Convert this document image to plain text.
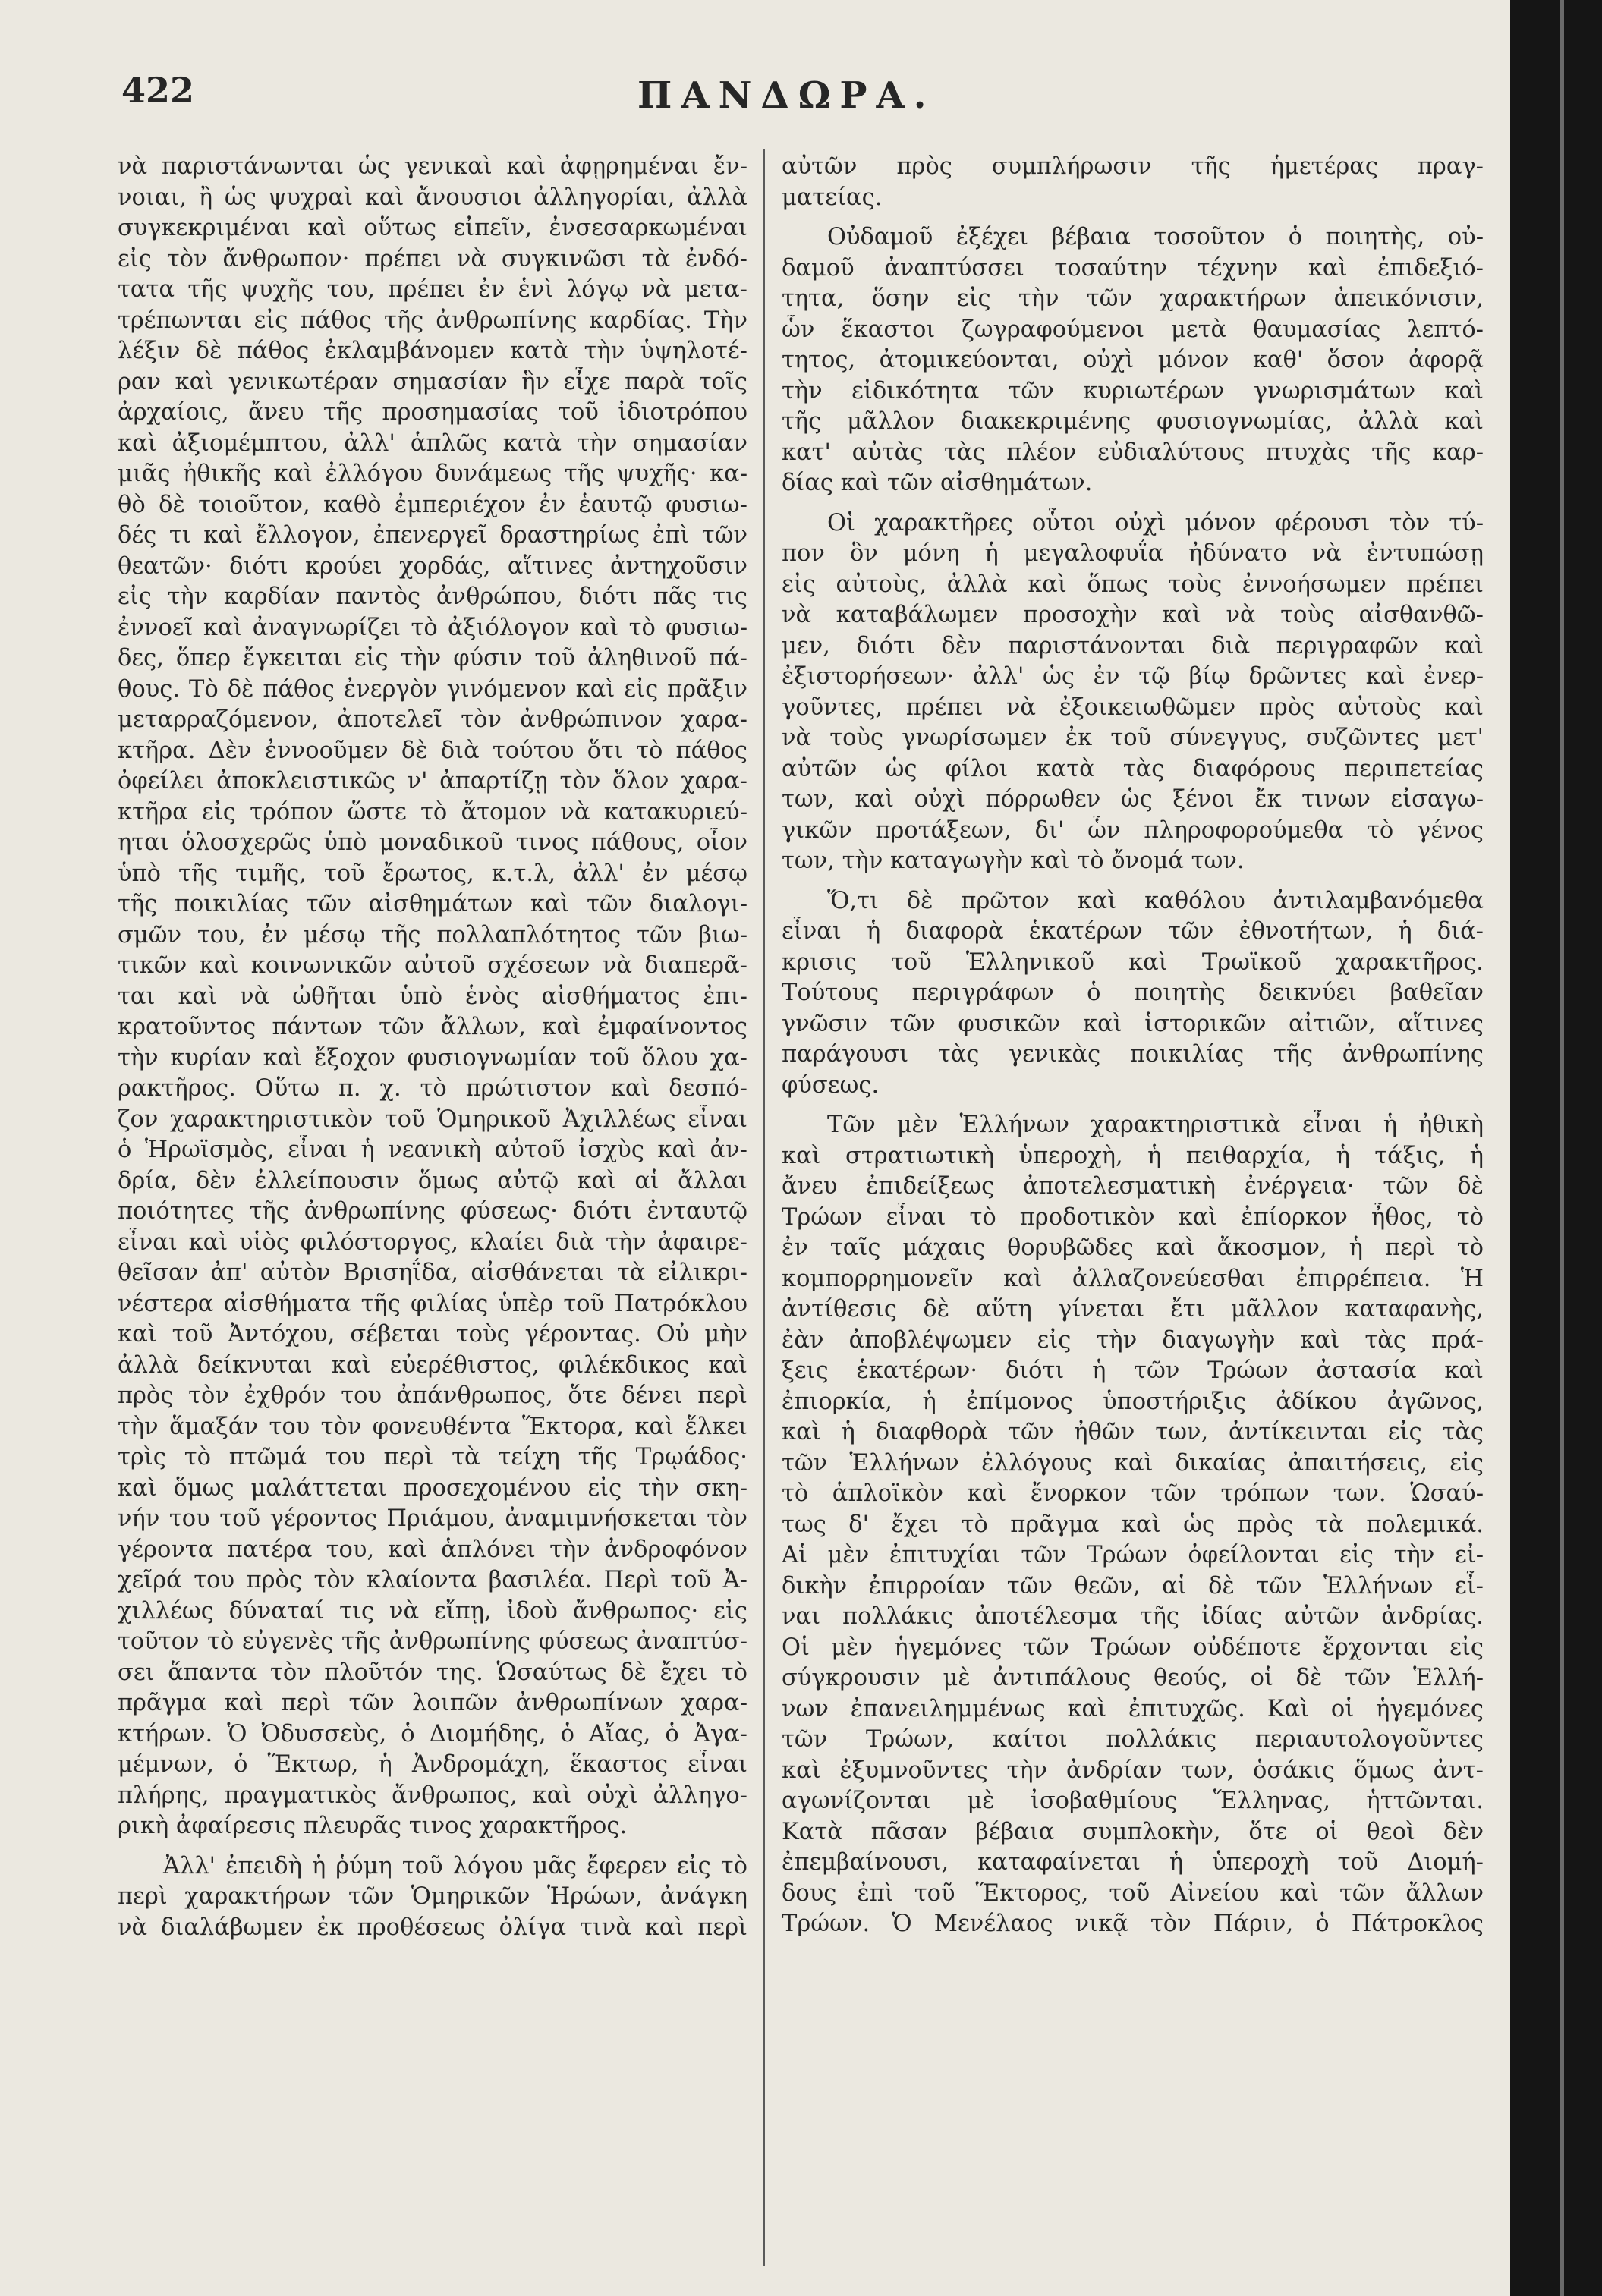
422	ΠΑΝΔΩΡΑ.
νὰ παριστάνωνται ὡς γενικαὶ καὶ ἀφῃρημέναι ἔν-
νοιαι, ἢ ὡς ψυχραὶ καὶ ἄνουσιοι ἀλληγορίαι, ἀλλὰ
συγκεκριμέναι καὶ οὕτως εἰπεῖν, ἐνσεσαρκωμέναι
εἰς τὸν ἄνθρωπον· πρέπει νὰ συγκινῶσι τὰ ἐνδό-
τατα τῆς ψυχῆς του, πρέπει ἐν ἑνὶ λόγῳ νὰ μετα-
τρέπωνται εἰς πάθος τῆς ἀνθρωπίνης καρδίας. Τὴν
λέξιν δὲ πάθος ἐκλαμβάνομεν κατὰ τὴν ὑψηλοτέ-
ραν καὶ γενικωτέραν σημασίαν ἣν εἶχε παρὰ τοῖς
ἀρχαίοις, ἄνευ τῆς προσημασίας τοῦ ἰδιοτρόπου
καὶ ἀξιομέμπτου, ἀλλ' ἁπλῶς κατὰ τὴν σημασίαν
μιᾶς ἠθικῆς καὶ ἐλλόγου δυνάμεως τῆς ψυχῆς· κα-
θὸ δὲ τοιοῦτον, καθὸ ἐμπεριέχον ἐν ἑαυτῷ φυσιω-
δές τι καὶ ἔλλογον, ἐπενεργεῖ δραστηρίως ἐπὶ τῶν
θεατῶν· διότι κρούει χορδάς, αἵτινες ἀντηχοῦσιν
εἰς τὴν καρδίαν παντὸς ἀνθρώπου, διότι πᾶς τις
ἐννοεῖ καὶ ἀναγνωρίζει τὸ ἀξιόλογον καὶ τὸ φυσιω-
δες, ὅπερ ἔγκειται εἰς τὴν φύσιν τοῦ ἀληθινοῦ πά-
θους. Τὸ δὲ πάθος ἐνεργὸν γινόμενον καὶ εἰς πρᾶξιν
μεταρραζόμενον, ἀποτελεῖ τὸν ἀνθρώπινον χαρα-
κτῆρα. Δὲν ἐννοοῦμεν δὲ διὰ τούτου ὅτι τὸ πάθος
ὀφείλει ἀποκλειστικῶς ν' ἀπαρτίζῃ τὸν ὅλον χαρα-
κτῆρα εἰς τρόπον ὥστε τὸ ἄτομον νὰ κατακυριεύ-
ηται ὁλοσχερῶς ὑπὸ μοναδικοῦ τινος πάθους, οἷον
ὑπὸ τῆς τιμῆς, τοῦ ἔρωτος, κ.τ.λ, ἀλλ' ἐν μέσῳ
τῆς ποικιλίας τῶν αἰσθημάτων καὶ τῶν διαλογι-
σμῶν του, ἐν μέσῳ τῆς πολλαπλότητος τῶν βιω-
τικῶν καὶ κοινωνικῶν αὐτοῦ σχέσεων νὰ διαπερᾶ-
ται καὶ νὰ ὠθῆται ὑπὸ ἑνὸς αἰσθήματος ἐπι-
κρατοῦντος πάντων τῶν ἄλλων, καὶ ἐμφαίνοντος
τὴν κυρίαν καὶ ἔξοχον φυσιογνωμίαν τοῦ ὅλου χα-
ρακτῆρος. Οὕτω π. χ. τὸ πρώτιστον καὶ δεσπό-
ζον χαρακτηριστικὸν τοῦ Ὁμηρικοῦ Ἀχιλλέως εἶναι
ὁ Ἡρωϊσμὸς, εἶναι ἡ νεανικὴ αὐτοῦ ἰσχὺς καὶ ἀν-
δρία, δὲν ἐλλείπουσιν ὅμως αὐτῷ καὶ αἱ ἄλλαι
ποιότητες τῆς ἀνθρωπίνης φύσεως· διότι ἐνταυτῷ
εἶναι καὶ υἱὸς φιλόστοργος, κλαίει διὰ τὴν ἀφαιρε-
θεῖσαν ἀπ' αὐτὸν Βρισηΐδα, αἰσθάνεται τὰ εἰλικρι-
νέστερα αἰσθήματα τῆς φιλίας ὑπὲρ τοῦ Πατρόκλου
καὶ τοῦ Ἀντόχου, σέβεται τοὺς γέροντας. Οὐ μὴν
ἀλλὰ δείκνυται καὶ εὐερέθιστος, φιλέκδικος καὶ
πρὸς τὸν ἐχθρόν του ἀπάνθρωπος, ὅτε δένει περὶ
τὴν ἅμαξάν του τὸν φονευθέντα Ἕκτορα, καὶ ἕλκει
τρὶς τὸ πτῶμά του περὶ τὰ τείχη τῆς Τρῳάδος·
καὶ ὅμως μαλάττεται προσεχομένου εἰς τὴν σκη-
νήν του τοῦ γέροντος Πριάμου, ἀναμιμνήσκεται τὸν
γέροντα πατέρα του, καὶ ἁπλόνει τὴν ἀνδροφόνον
χεῖρά του πρὸς τὸν κλαίοντα βασιλέα. Περὶ τοῦ Ἀ-
χιλλέως δύναταί τις νὰ εἴπῃ, ἰδοὺ ἄνθρωπος· εἰς
τοῦτον τὸ εὐγενὲς τῆς ἀνθρωπίνης φύσεως ἀναπτύσ-
σει ἅπαντα τὸν πλοῦτόν της. Ὡσαύτως δὲ ἔχει τὸ
πρᾶγμα καὶ περὶ τῶν λοιπῶν ἀνθρωπίνων χαρα-
κτήρων. Ὁ Ὀδυσσεὺς, ὁ Διομήδης, ὁ Αἴας, ὁ Ἀγα-
μέμνων, ὁ Ἕκτωρ, ἡ Ἀνδρομάχη, ἕκαστος εἶναι
πλήρης, πραγματικὸς ἄνθρωπος, καὶ οὐχὶ ἀλληγο-
ρικὴ ἀφαίρεσις πλευρᾶς τινος χαρακτῆρος.
Ἀλλ' ἐπειδὴ ἡ ῥύμη τοῦ λόγου μᾶς ἔφερεν εἰς τὸ
περὶ χαρακτήρων τῶν Ὁμηρικῶν Ἡρώων, ἀνάγκη
νὰ διαλάβωμεν ἐκ προθέσεως ὀλίγα τινὰ καὶ περὶ
αὐτῶν πρὸς συμπλήρωσιν τῆς ἡμετέρας πραγ-
ματείας.
Οὐδαμοῦ ἐξέχει βέβαια τοσοῦτον ὁ ποιητὴς, οὐ-
δαμοῦ ἀναπτύσσει τοσαύτην τέχνην καὶ ἐπιδεξιό-
τητα, ὅσην εἰς τὴν τῶν χαρακτήρων ἀπεικόνισιν,
ὧν ἕκαστοι ζωγραφούμενοι μετὰ θαυμασίας λεπτό-
τητος, ἀτομικεύονται, οὐχὶ μόνον καθ' ὅσον ἀφορᾷ
τὴν εἰδικότητα τῶν κυριωτέρων γνωρισμάτων καὶ
τῆς μᾶλλον διακεκριμένης φυσιογνωμίας, ἀλλὰ καὶ
κατ' αὐτὰς τὰς πλέον εὐδιαλύτους πτυχὰς τῆς καρ-
δίας καὶ τῶν αἰσθημάτων.
Οἱ χαρακτῆρες οὗτοι οὐχὶ μόνον φέρουσι τὸν τύ-
πον ὃν μόνη ἡ μεγαλοφυΐα ἠδύνατο νὰ ἐντυπώσῃ
εἰς αὐτοὺς, ἀλλὰ καὶ ὅπως τοὺς ἐννοήσωμεν πρέπει
νὰ καταβάλωμεν προσοχὴν καὶ νὰ τοὺς αἰσθανθῶ-
μεν, διότι δὲν παριστάνονται διὰ περιγραφῶν καὶ
ἐξιστορήσεων· ἀλλ' ὡς ἐν τῷ βίῳ δρῶντες καὶ ἐνερ-
γοῦντες, πρέπει νὰ ἐξοικειωθῶμεν πρὸς αὐτοὺς καὶ
νὰ τοὺς γνωρίσωμεν ἐκ τοῦ σύνεγγυς, συζῶντες μετ'
αὐτῶν ὡς φίλοι κατὰ τὰς διαφόρους περιπετείας
των, καὶ οὐχὶ πόρρωθεν ὡς ξένοι ἔκ τινων εἰσαγω-
γικῶν προτάξεων, δι' ὧν πληροφορούμεθα τὸ γένος
των, τὴν καταγωγὴν καὶ τὸ ὄνομά των.
Ὅ,τι δὲ πρῶτον καὶ καθόλου ἀντιλαμβανόμεθα
εἶναι ἡ διαφορὰ ἑκατέρων τῶν ἐθνοτήτων, ἡ διά-
κρισις τοῦ Ἑλληνικοῦ καὶ Τρωϊκοῦ χαρακτῆρος.
Τούτους περιγράφων ὁ ποιητὴς δεικνύει βαθεῖαν
γνῶσιν τῶν φυσικῶν καὶ ἱστορικῶν αἰτιῶν, αἵτινες
παράγουσι τὰς γενικὰς ποικιλίας τῆς ἀνθρωπίνης
φύσεως.
Τῶν μὲν Ἑλλήνων χαρακτηριστικὰ εἶναι ἡ ἠθικὴ
καὶ στρατιωτικὴ ὑπεροχὴ, ἡ πειθαρχία, ἡ τάξις, ἡ
ἄνευ ἐπιδείξεως ἀποτελεσματικὴ ἐνέργεια· τῶν δὲ
Τρώων εἶναι τὸ προδοτικὸν καὶ ἐπίορκον ἦθος, τὸ
ἐν ταῖς μάχαις θορυβῶδες καὶ ἄκοσμον, ἡ περὶ τὸ
κομπορρημονεῖν καὶ ἀλλαζονεύεσθαι ἐπιρρέπεια. Ἡ
ἀντίθεσις δὲ αὕτη γίνεται ἔτι μᾶλλον καταφανὴς,
ἐὰν ἀποβλέψωμεν εἰς τὴν διαγωγὴν καὶ τὰς πρά-
ξεις ἑκατέρων· διότι ἡ τῶν Τρώων ἀστασία καὶ
ἐπιορκία, ἡ ἐπίμονος ὑποστήριξις ἀδίκου ἀγῶνος,
καὶ ἡ διαφθορὰ τῶν ἠθῶν των, ἀντίκεινται εἰς τὰς
τῶν Ἑλλήνων ἐλλόγους καὶ δικαίας ἀπαιτήσεις, εἰς
τὸ ἁπλοϊκὸν καὶ ἔνορκον τῶν τρόπων των. Ὡσαύ-
τως δ' ἔχει τὸ πρᾶγμα καὶ ὡς πρὸς τὰ πολεμικά.
Αἱ μὲν ἐπιτυχίαι τῶν Τρώων ὀφείλονται εἰς τὴν εἰ-
δικὴν ἐπιρροίαν τῶν θεῶν, αἱ δὲ τῶν Ἑλλήνων εἶ-
ναι πολλάκις ἀποτέλεσμα τῆς ἰδίας αὐτῶν ἀνδρίας.
Οἱ μὲν ἡγεμόνες τῶν Τρώων οὐδέποτε ἔρχονται εἰς
σύγκρουσιν μὲ ἀντιπάλους θεούς, οἱ δὲ τῶν Ἑλλή-
νων ἐπανειλημμένως καὶ ἐπιτυχῶς. Καὶ οἱ ἡγεμόνες
τῶν Τρώων, καίτοι πολλάκις περιαυτολογοῦντες
καὶ ἐξυμνοῦντες τὴν ἀνδρίαν των, ὁσάκις ὅμως ἀντ-
αγωνίζονται μὲ ἰσοβαθμίους Ἕλληνας, ἡττῶνται.
Κατὰ πᾶσαν βέβαια συμπλοκὴν, ὅτε οἱ θεοὶ δὲν
ἐπεμβαίνουσι, καταφαίνεται ἡ ὑπεροχὴ τοῦ Διομή-
δους ἐπὶ τοῦ Ἕκτορος, τοῦ Αἰνείου καὶ τῶν ἄλλων
Τρώων. Ὁ Μενέλαος νικᾷ τὸν Πάριν, ὁ Πάτροκλος
